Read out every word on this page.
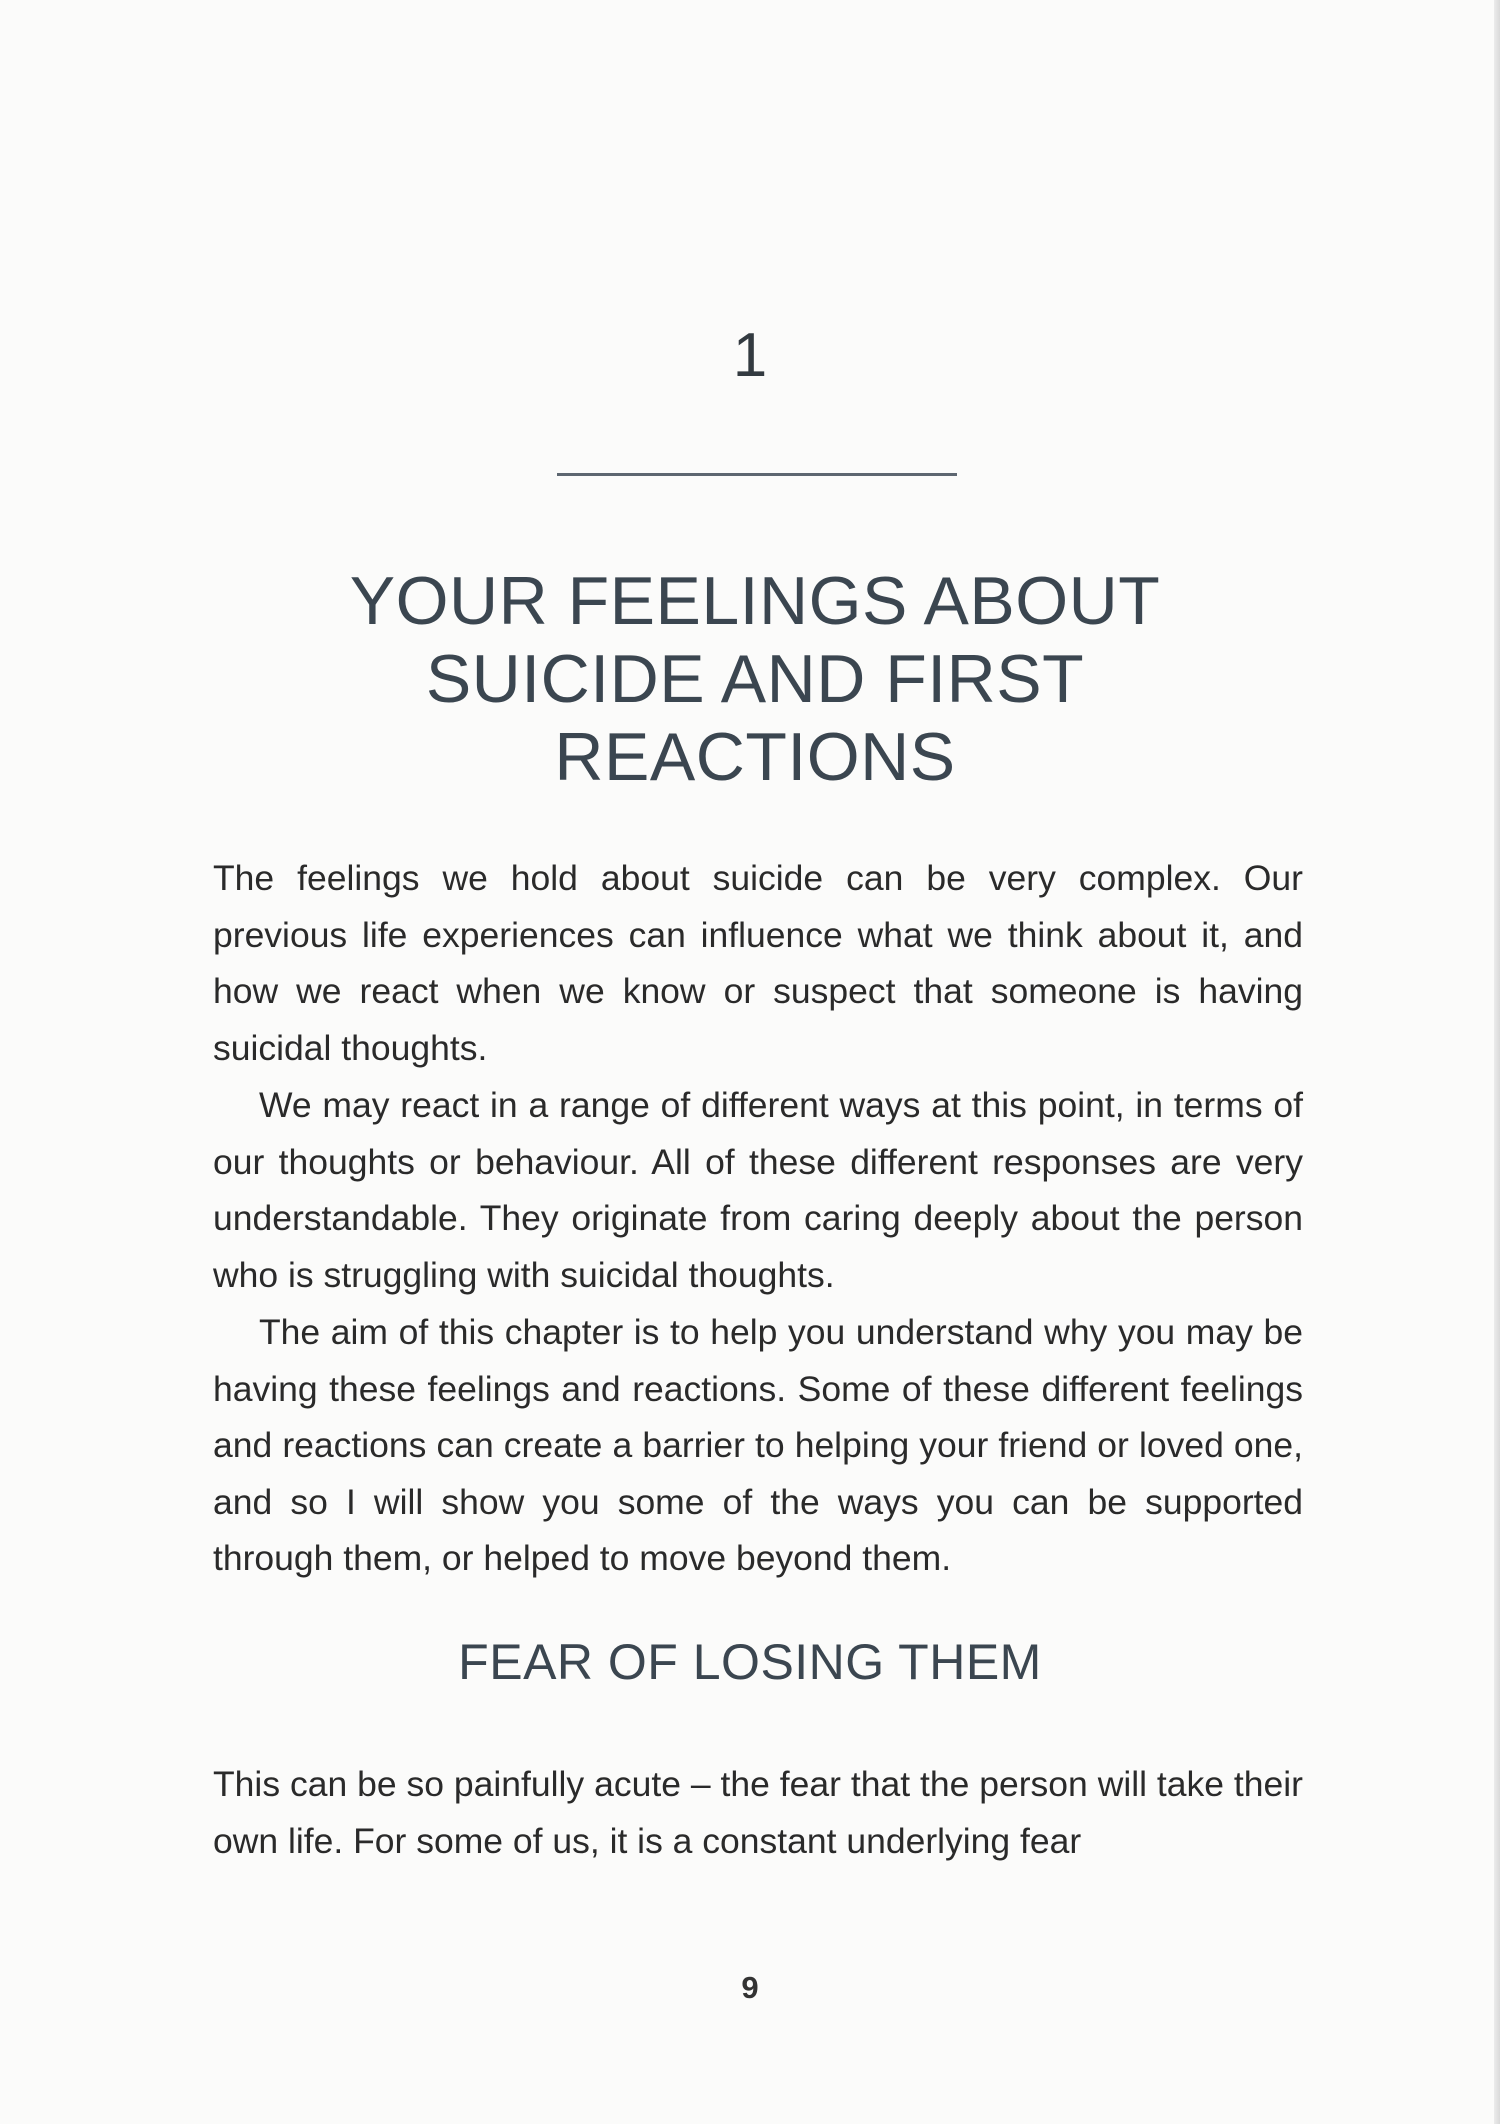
1
YOUR FEELINGS ABOUT SUICIDE AND FIRST REACTIONS

The feelings we hold about suicide can be very complex. Our previous life experiences can influence what we think about it, and how we react when we know or suspect that someone is having suicidal thoughts.

We may react in a range of different ways at this point, in terms of our thoughts or behaviour. All of these different responses are very understandable. They originate from caring deeply about the person who is struggling with suicidal thoughts.

The aim of this chapter is to help you understand why you may be having these feelings and reactions. Some of these different feelings and reactions can create a barrier to helping your friend or loved one, and so I will show you some of the ways you can be supported through them, or helped to move beyond them.

FEAR OF LOSING THEM

This can be so painfully acute – the fear that the person will take their own life. For some of us, it is a constant underlying fear

9
